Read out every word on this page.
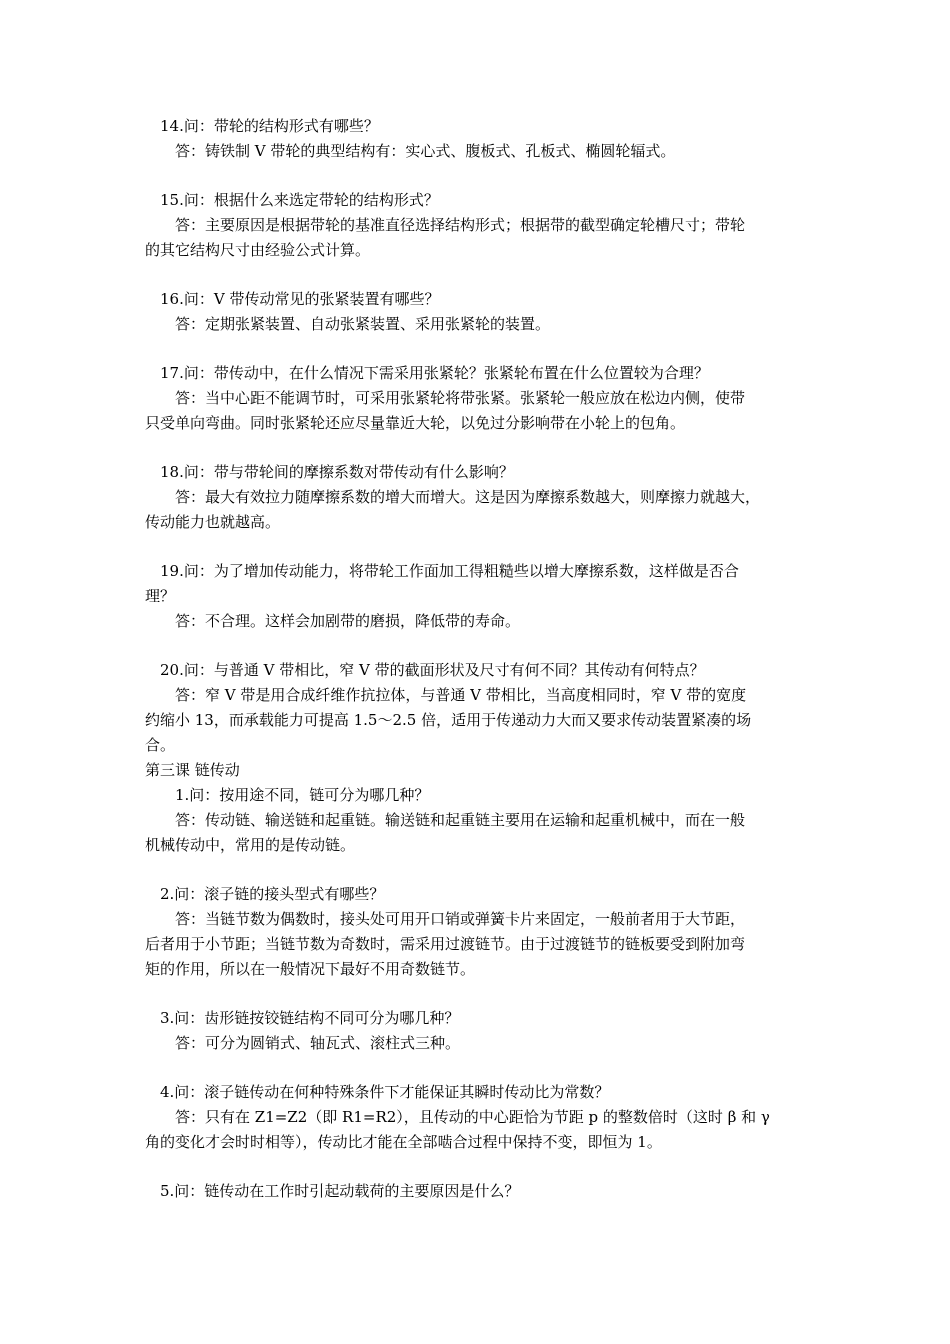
14.问：带轮的结构形式有哪些？
答：铸铁制 V 带轮的典型结构有：实心式、腹板式、孔板式、椭圆轮辐式。
15.问：根据什么来选定带轮的结构形式？
答：主要原因是根据带轮的基准直径选择结构形式；根据带的截型确定轮槽尺寸；带轮
的其它结构尺寸由经验公式计算。
16.问：V 带传动常见的张紧装置有哪些？
答：定期张紧装置、自动张紧装置、采用张紧轮的装置。
17.问：带传动中，在什么情况下需采用张紧轮？张紧轮布置在什么位置较为合理？
答：当中心距不能调节时，可采用张紧轮将带张紧。张紧轮一般应放在松边内侧，使带
只受单向弯曲。同时张紧轮还应尽量靠近大轮，以免过分影响带在小轮上的包角。
18.问：带与带轮间的摩擦系数对带传动有什么影响？
答：最大有效拉力随摩擦系数的增大而增大。这是因为摩擦系数越大，则摩擦力就越大，
传动能力也就越高。
19.问：为了增加传动能力，将带轮工作面加工得粗糙些以增大摩擦系数，这样做是否合
理？
答：不合理。这样会加剧带的磨损，降低带的寿命。
20.问：与普通 V 带相比，窄 V 带的截面形状及尺寸有何不同？其传动有何特点？
答：窄 V 带是用合成纤维作抗拉体，与普通 V 带相比，当高度相同时，窄 V 带的宽度
约缩小 13，而承载能力可提高 1.5～2.5 倍，适用于传递动力大而又要求传动装置紧凑的场
合。
第三课 链传动
1.问：按用途不同，链可分为哪几种？
答：传动链、输送链和起重链。输送链和起重链主要用在运输和起重机械中，而在一般
机械传动中，常用的是传动链。
2.问：滚子链的接头型式有哪些？
答：当链节数为偶数时，接头处可用开口销或弹簧卡片来固定，一般前者用于大节距，
后者用于小节距；当链节数为奇数时，需采用过渡链节。由于过渡链节的链板要受到附加弯
矩的作用，所以在一般情况下最好不用奇数链节。
3.问：齿形链按铰链结构不同可分为哪几种？
答：可分为圆销式、轴瓦式、滚柱式三种。
4.问：滚子链传动在何种特殊条件下才能保证其瞬时传动比为常数？
答：只有在 Z1=Z2（即 R1=R2），且传动的中心距恰为节距 p 的整数倍时（这时 β 和 γ
角的变化才会时时相等），传动比才能在全部啮合过程中保持不变，即恒为 1。
5.问：链传动在工作时引起动载荷的主要原因是什么？
